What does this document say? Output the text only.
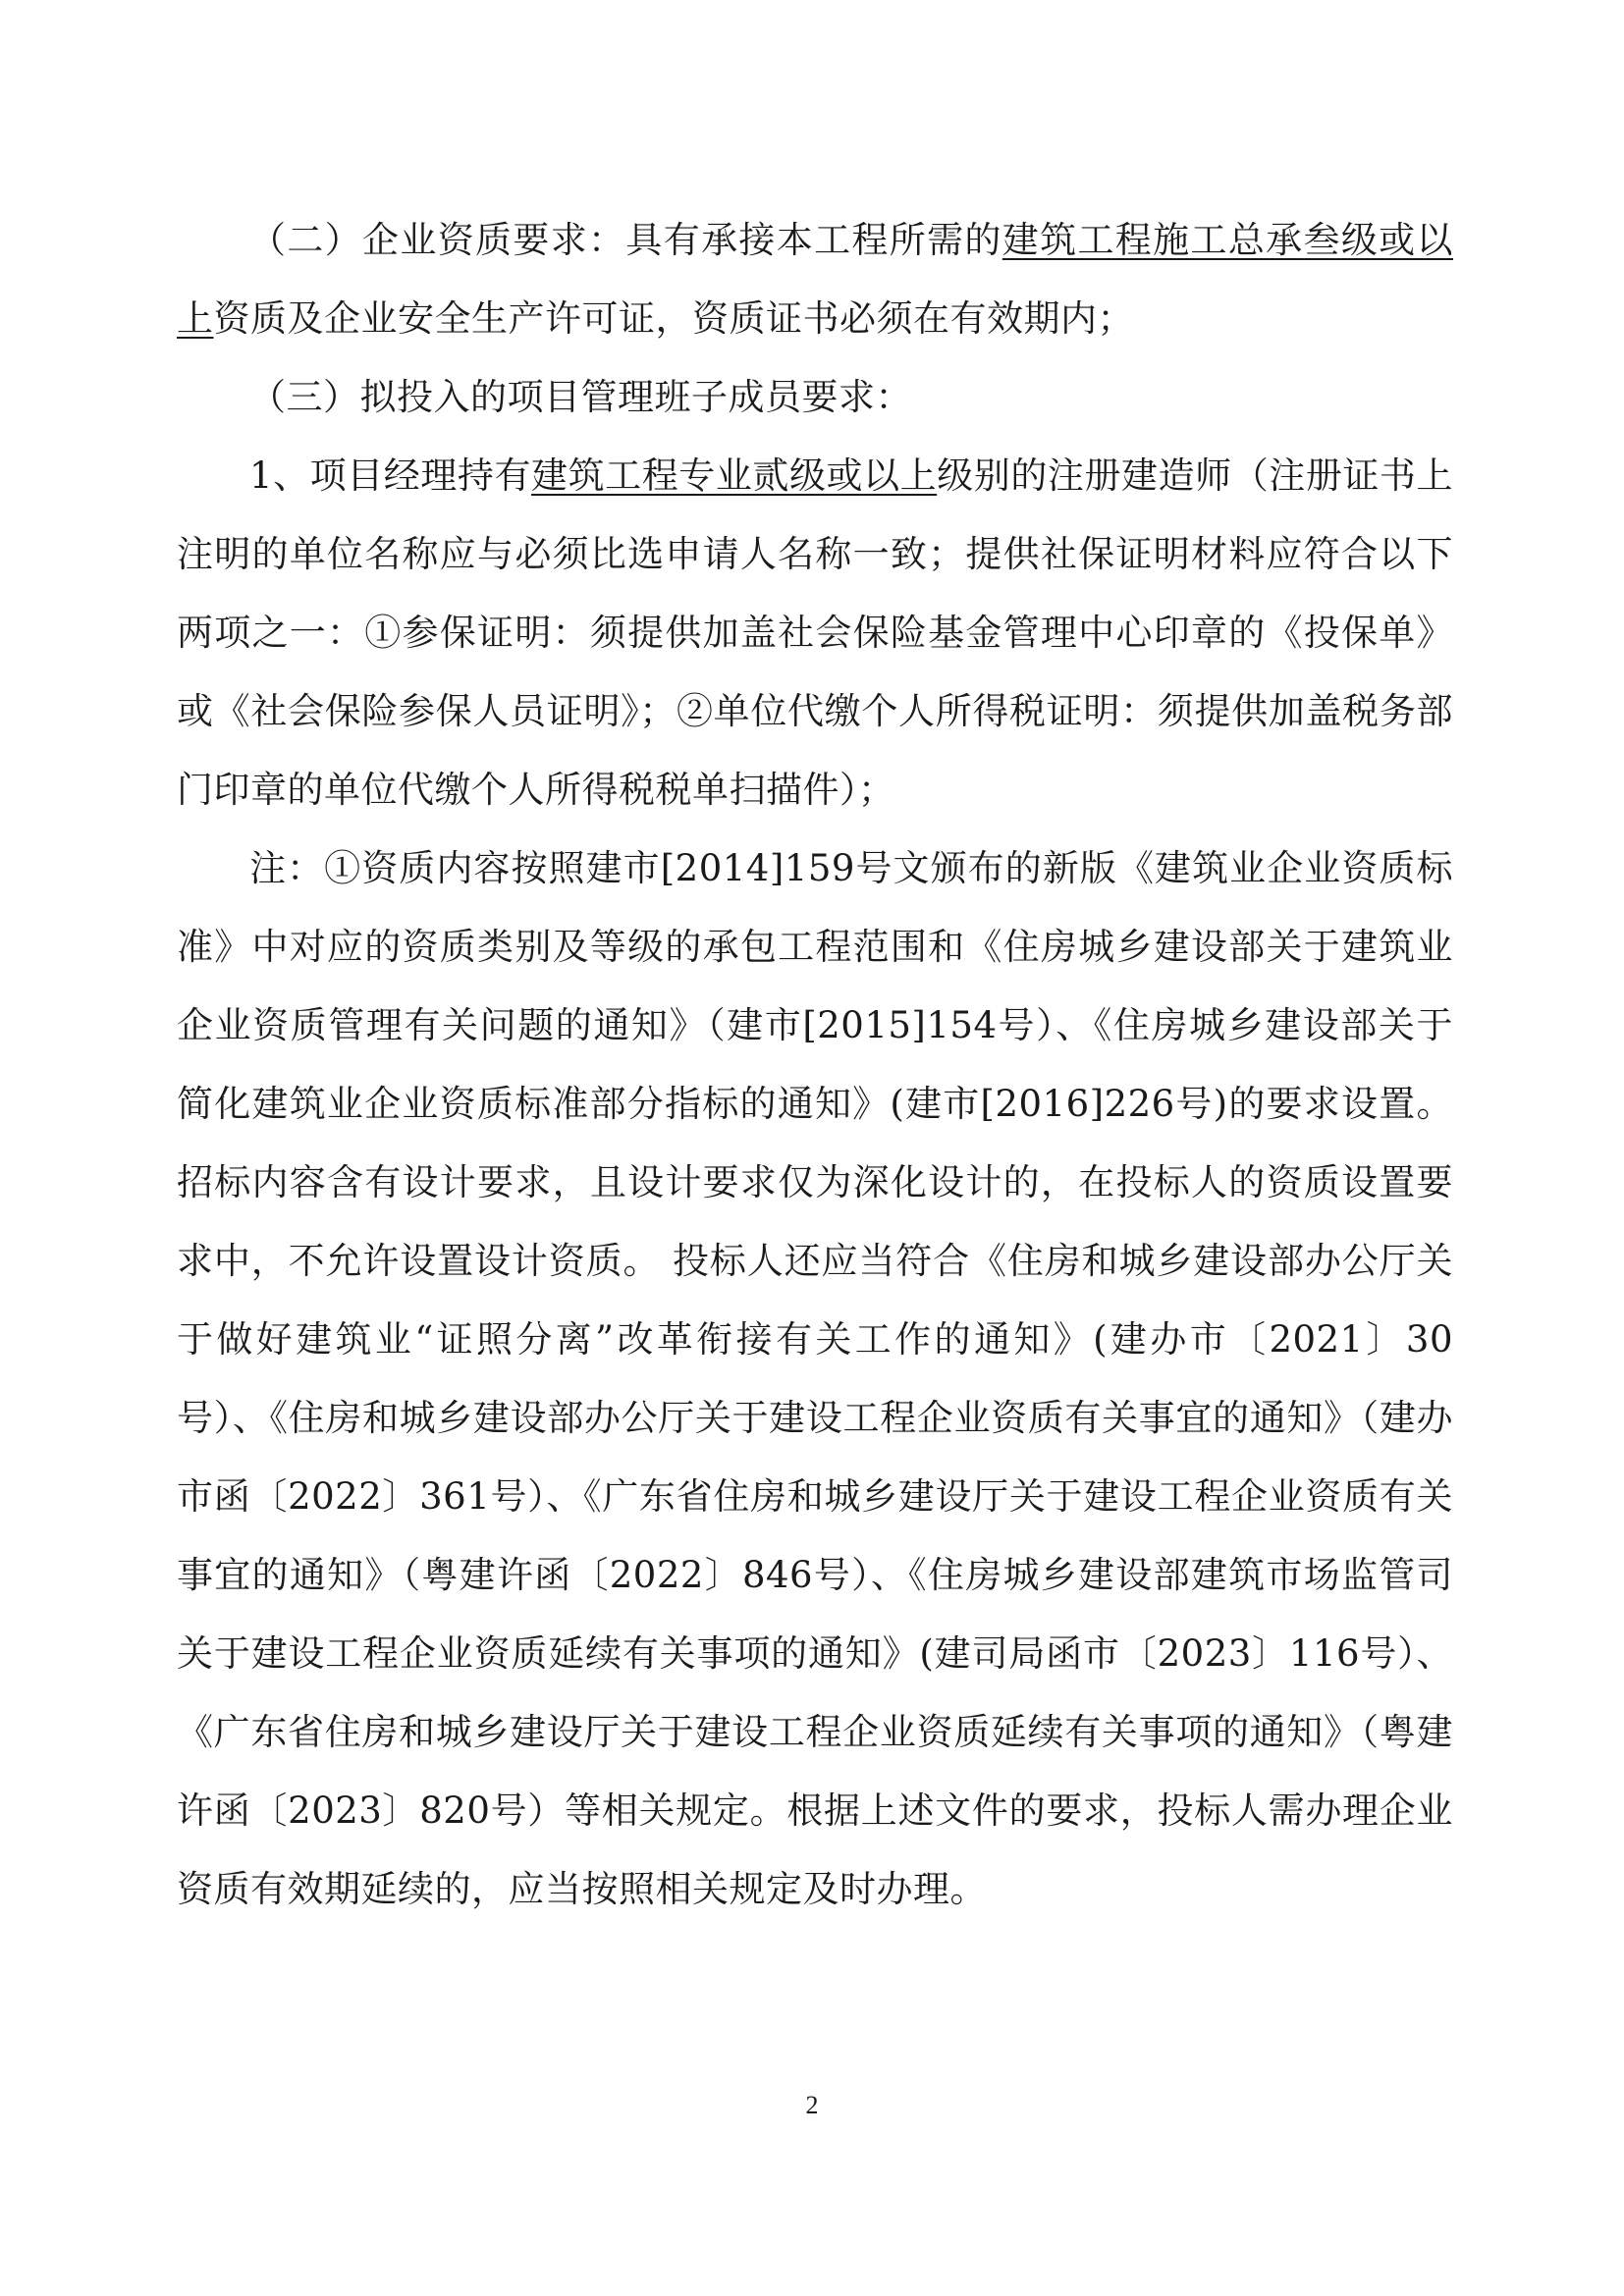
（二）企业资质要求：具有承接本工程所需的建筑工程施工总承叁级或以上资质及企业安全生产许可证，资质证书必须在有效期内；

（三）拟投入的项目管理班子成员要求：

1、项目经理持有建筑工程专业贰级或以上级别的注册建造师（注册证书上注明的单位名称应与必须比选申请人名称一致；提供社保证明材料应符合以下两项之一：①参保证明：须提供加盖社会保险基金管理中心印章的《投保单》或《社会保险参保人员证明》；②单位代缴个人所得税证明：须提供加盖税务部门印章的单位代缴个人所得税税单扫描件）；

注：①资质内容按照建市[2014]159号文颁布的新版《建筑业企业资质标准》中对应的资质类别及等级的承包工程范围和《住房城乡建设部关于建筑业企业资质管理有关问题的通知》（建市[2015]154号）、《住房城乡建设部关于简化建筑业企业资质标准部分指标的通知》(建市[2016]226号)的要求设置。招标内容含有设计要求，且设计要求仅为深化设计的，在投标人的资质设置要求中，不允许设置设计资质。 投标人还应当符合《住房和城乡建设部办公厅关于做好建筑业“证照分离”改革衔接有关工作的通知》(建办市〔2021〕30号）、《住房和城乡建设部办公厅关于建设工程企业资质有关事宜的通知》（建办市函〔2022〕361号）、《广东省住房和城乡建设厅关于建设工程企业资质有关事宜的通知》（粤建许函〔2022〕846号）、《住房城乡建设部建筑市场监管司关于建设工程企业资质延续有关事项的通知》(建司局函市〔2023〕116号）、《广东省住房和城乡建设厅关于建设工程企业资质延续有关事项的通知》（粤建许函〔2023〕820号）等相关规定。根据上述文件的要求，投标人需办理企业资质有效期延续的，应当按照相关规定及时办理。

2
